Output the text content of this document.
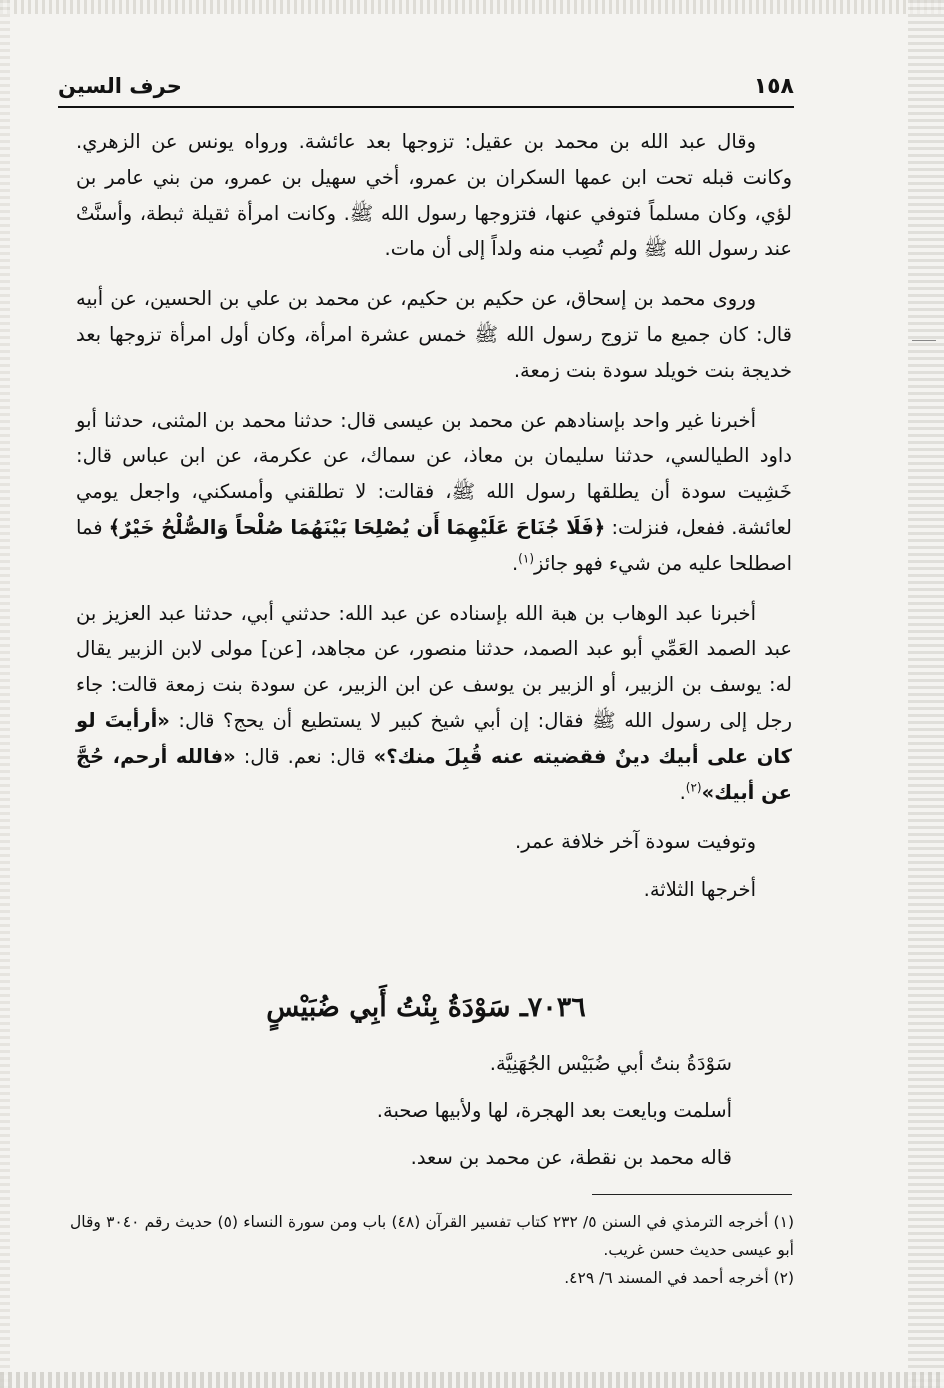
١٥٨
حرف السين

وقال عبد الله بن محمد بن عقيل: تزوجها بعد عائشة. ورواه يونس عن الزهري. وكانت قبله تحت ابن عمها السكران بن عمرو، أخي سهيل بن عمرو، من بني عامر بن لؤي، وكان مسلماً فتوفي عنها، فتزوجها رسول الله ﷺ. وكانت امرأة ثقيلة ثبطة، وأسنَّتْ عند رسول الله ﷺ ولم تُصِب منه ولداً إلى أن مات.

وروى محمد بن إسحاق، عن حكيم بن حكيم، عن محمد بن علي بن الحسين، عن أبيه قال: كان جميع ما تزوج رسول الله ﷺ خمس عشرة امرأة، وكان أول امرأة تزوجها بعد خديجة بنت خويلد سودة بنت زمعة.

أخبرنا غير واحد بإسنادهم عن محمد بن عيسى قال: حدثنا محمد بن المثنى، حدثنا أبو داود الطيالسي، حدثنا سليمان بن معاذ، عن سماك، عن عكرمة، عن ابن عباس قال: خَشِيت سودة أن يطلقها رسول الله ﷺ، فقالت: لا تطلقني وأمسكني، واجعل يومي لعائشة. ففعل، فنزلت: ﴿فَلَا جُنَاحَ عَلَيْهِمَا أَن يُصْلِحَا بَيْنَهُمَا صُلْحاً وَالصُّلْحُ خَيْرٌ﴾ فما اصطلحا عليه من شيء فهو جائز$^{(١)}$.

أخبرنا عبد الوهاب بن هبة الله بإسناده عن عبد الله: حدثني أبي، حدثنا عبد العزيز بن عبد الصمد العَمِّي أبو عبد الصمد، حدثنا منصور، عن مجاهد، [عن] مولى لابن الزبير يقال له: يوسف بن الزبير، أو الزبير بن يوسف عن ابن الزبير، عن سودة بنت زمعة قالت: جاء رجل إلى رسول الله ﷺ فقال: إن أبي شيخ كبير لا يستطيع أن يحج؟ قال: «أرأيتَ لو كان على أبيك دينٌ فقضيته عنه قُبِلَ منك؟» قال: نعم. قال: «فالله أرحم، حُجَّ عن أبيك»$^{(٢)}$.

وتوفيت سودة آخر خلافة عمر.

أخرجها الثلاثة.

٧٠٣٦ـ سَوْدَةُ بِنْتُ أَبِي ضُبَيْسٍ

سَوْدَةُ بنتُ أبي ضُبَيْس الجُهَنِيَّة.

أسلمت وبايعت بعد الهجرة، لها ولأبيها صحبة.

قاله محمد بن نقطة، عن محمد بن سعد.

(١) أخرجه الترمذي في السنن ٥/ ٢٣٢ كتاب تفسير القرآن (٤٨) باب ومن سورة النساء (٥) حديث رقم ٣٠٤٠ وقال أبو عيسى حديث حسن غريب.

(٢) أخرجه أحمد في المسند ٦/ ٤٢٩.
